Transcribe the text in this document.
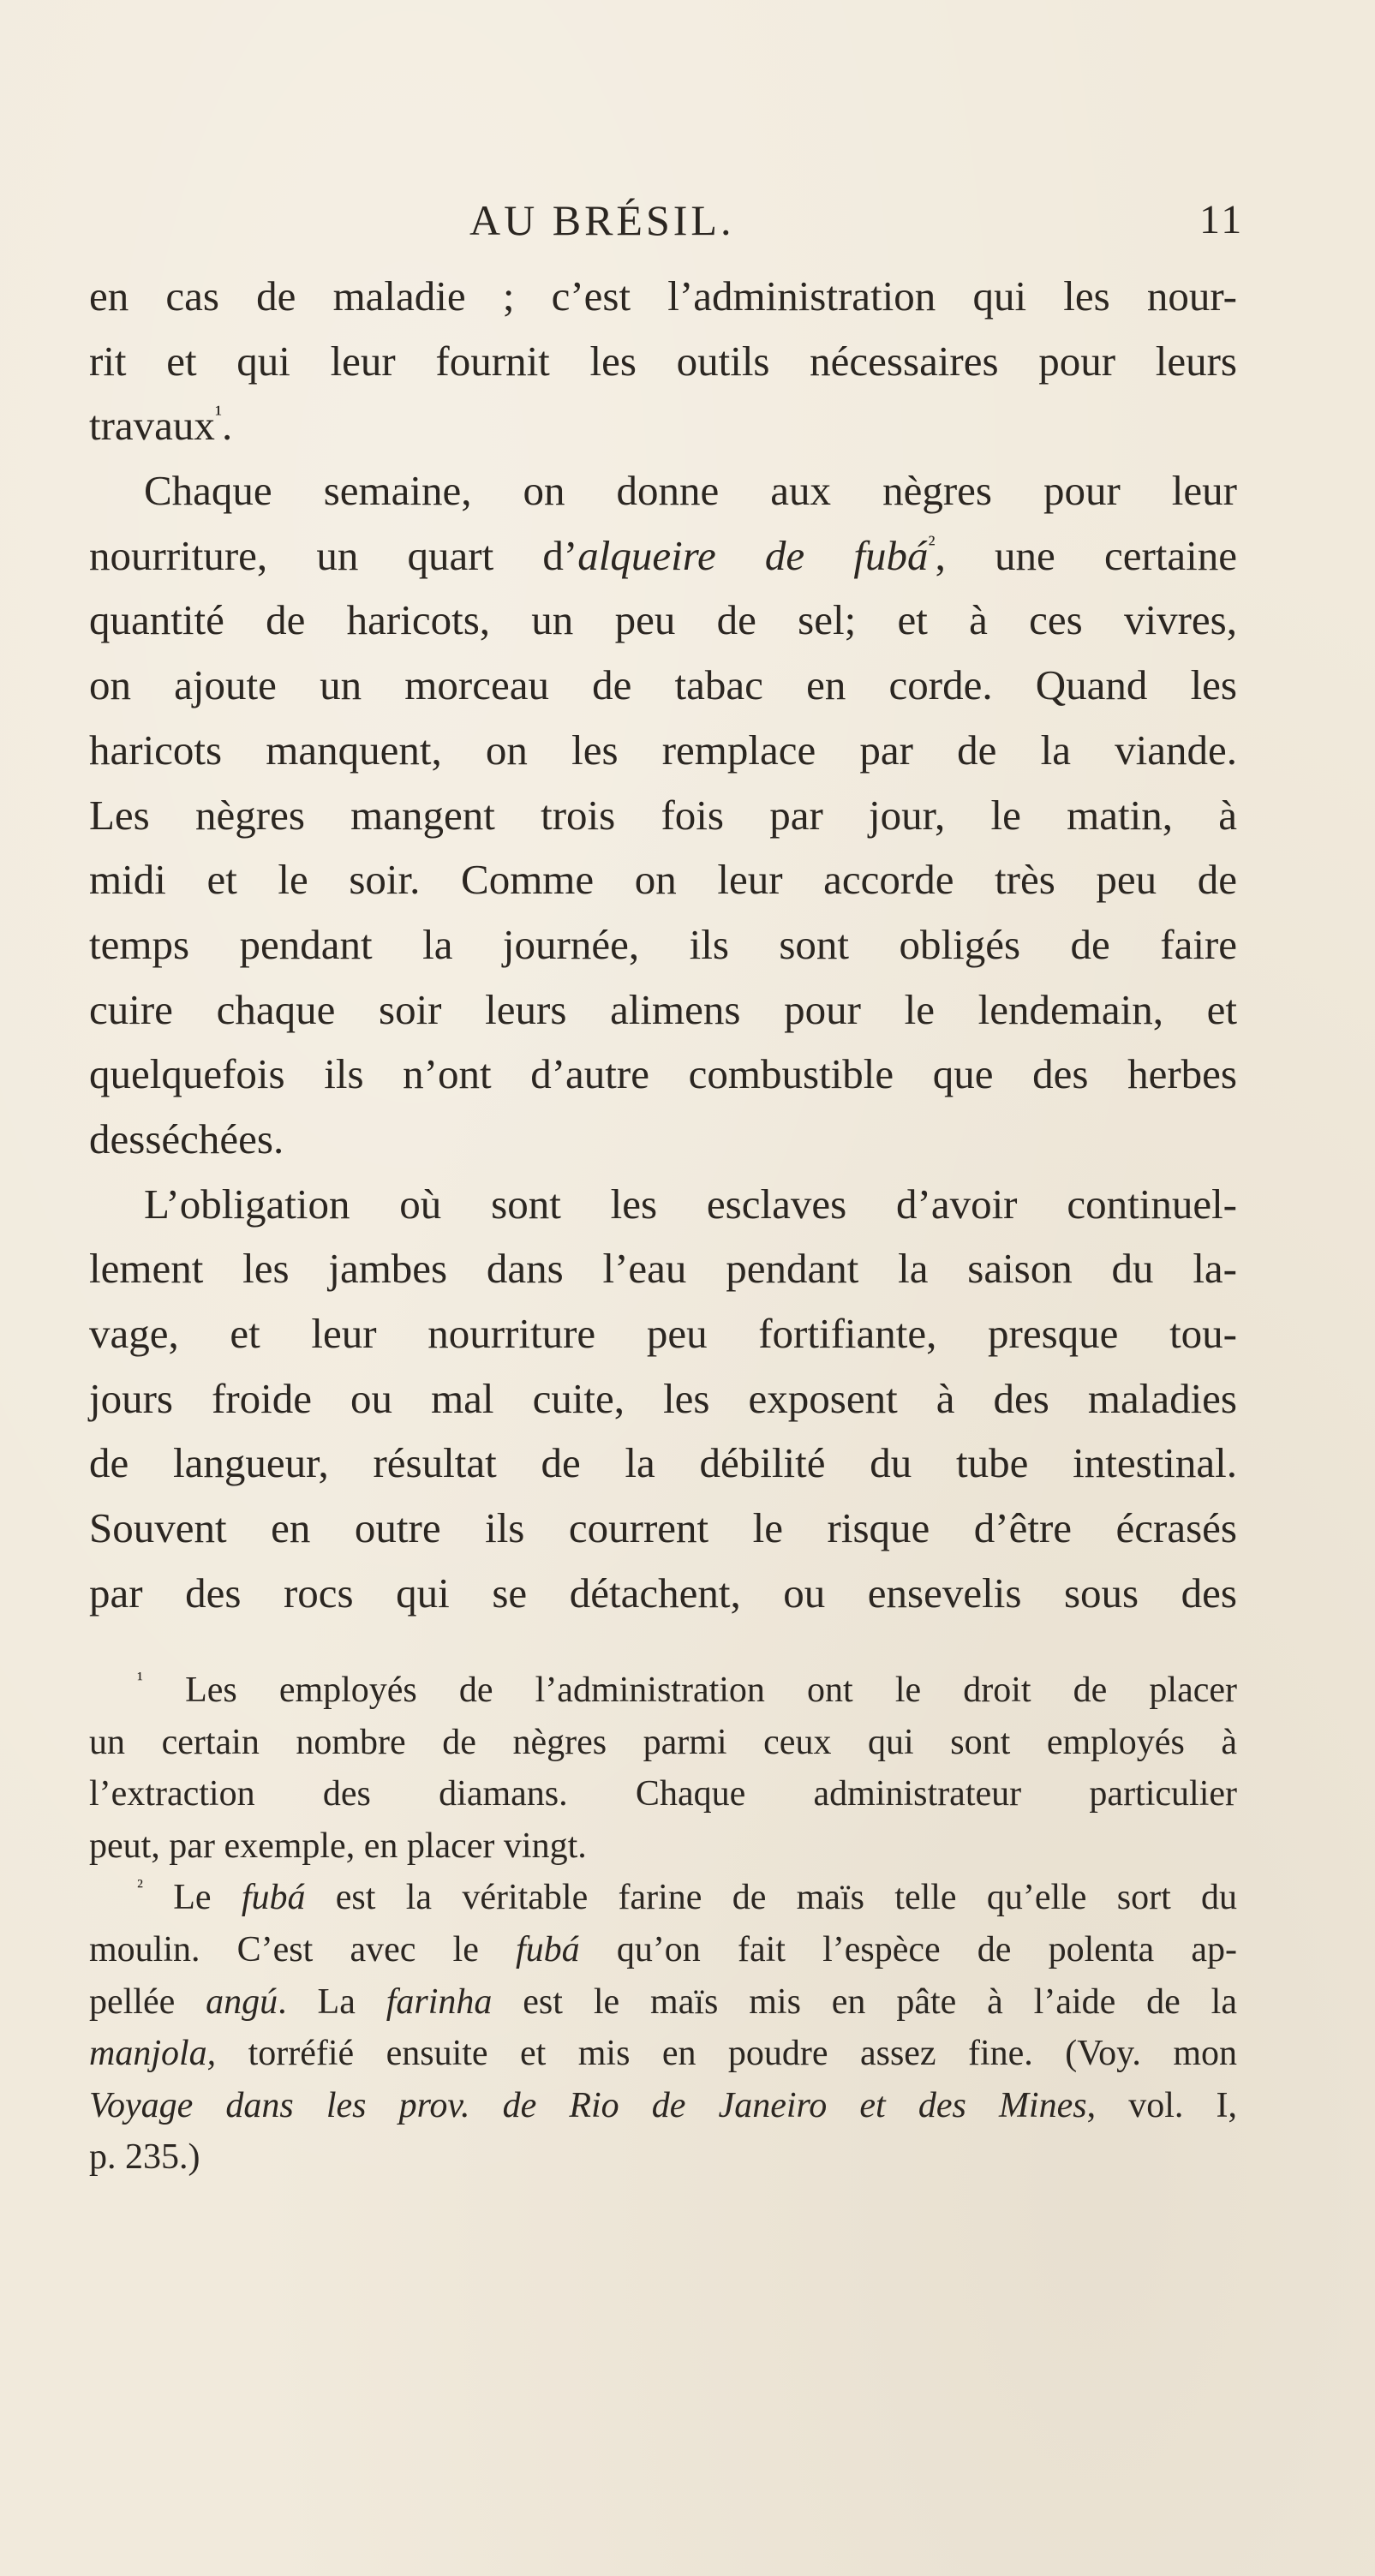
AU BRÉSIL.	11
en cas de maladie ; c’est l’administration qui les nour-
rit et qui leur fournit les outils nécessaires pour leurs
travaux$^{^1}$.
Chaque semaine, on donne aux nègres pour leur
nourriture, un quart d’alqueire de fubá$^{^2}$, une certaine
quantité de haricots, un peu de sel; et à ces vivres,
on ajoute un morceau de tabac en corde. Quand les
haricots manquent, on les remplace par de la viande.
Les nègres mangent trois fois par jour, le matin, à
midi et le soir. Comme on leur accorde très peu de
temps pendant la journée, ils sont obligés de faire
cuire chaque soir leurs alimens pour le lendemain, et
quelquefois ils n’ont d’autre combustible que des herbes
desséchées.
L’obligation où sont les esclaves d’avoir continuel-
lement les jambes dans l’eau pendant la saison du la-
vage, et leur nourriture peu fortifiante, presque tou-
jours froide ou mal cuite, les exposent à des maladies
de langueur, résultat de la débilité du tube intestinal.
Souvent en outre ils courrent le risque d’être écrasés
par des rocs qui se détachent, ou ensevelis sous des
$^{^1}$ Les employés de l’administration ont le droit de placer
un certain nombre de nègres parmi ceux qui sont employés à
l’extraction des diamans. Chaque administrateur particulier
peut, par exemple, en placer vingt.
$^{^2}$ Le fubá est la véritable farine de maïs telle qu’elle sort du
moulin. C’est avec le fubá qu’on fait l’espèce de polenta ap-
pellée angú. La farinha est le maïs mis en pâte à l’aide de la
manjola, torréfié ensuite et mis en poudre assez fine. (Voy. mon
Voyage dans les prov. de Rio de Janeiro et des Mines, vol. I,
p. 235.)
